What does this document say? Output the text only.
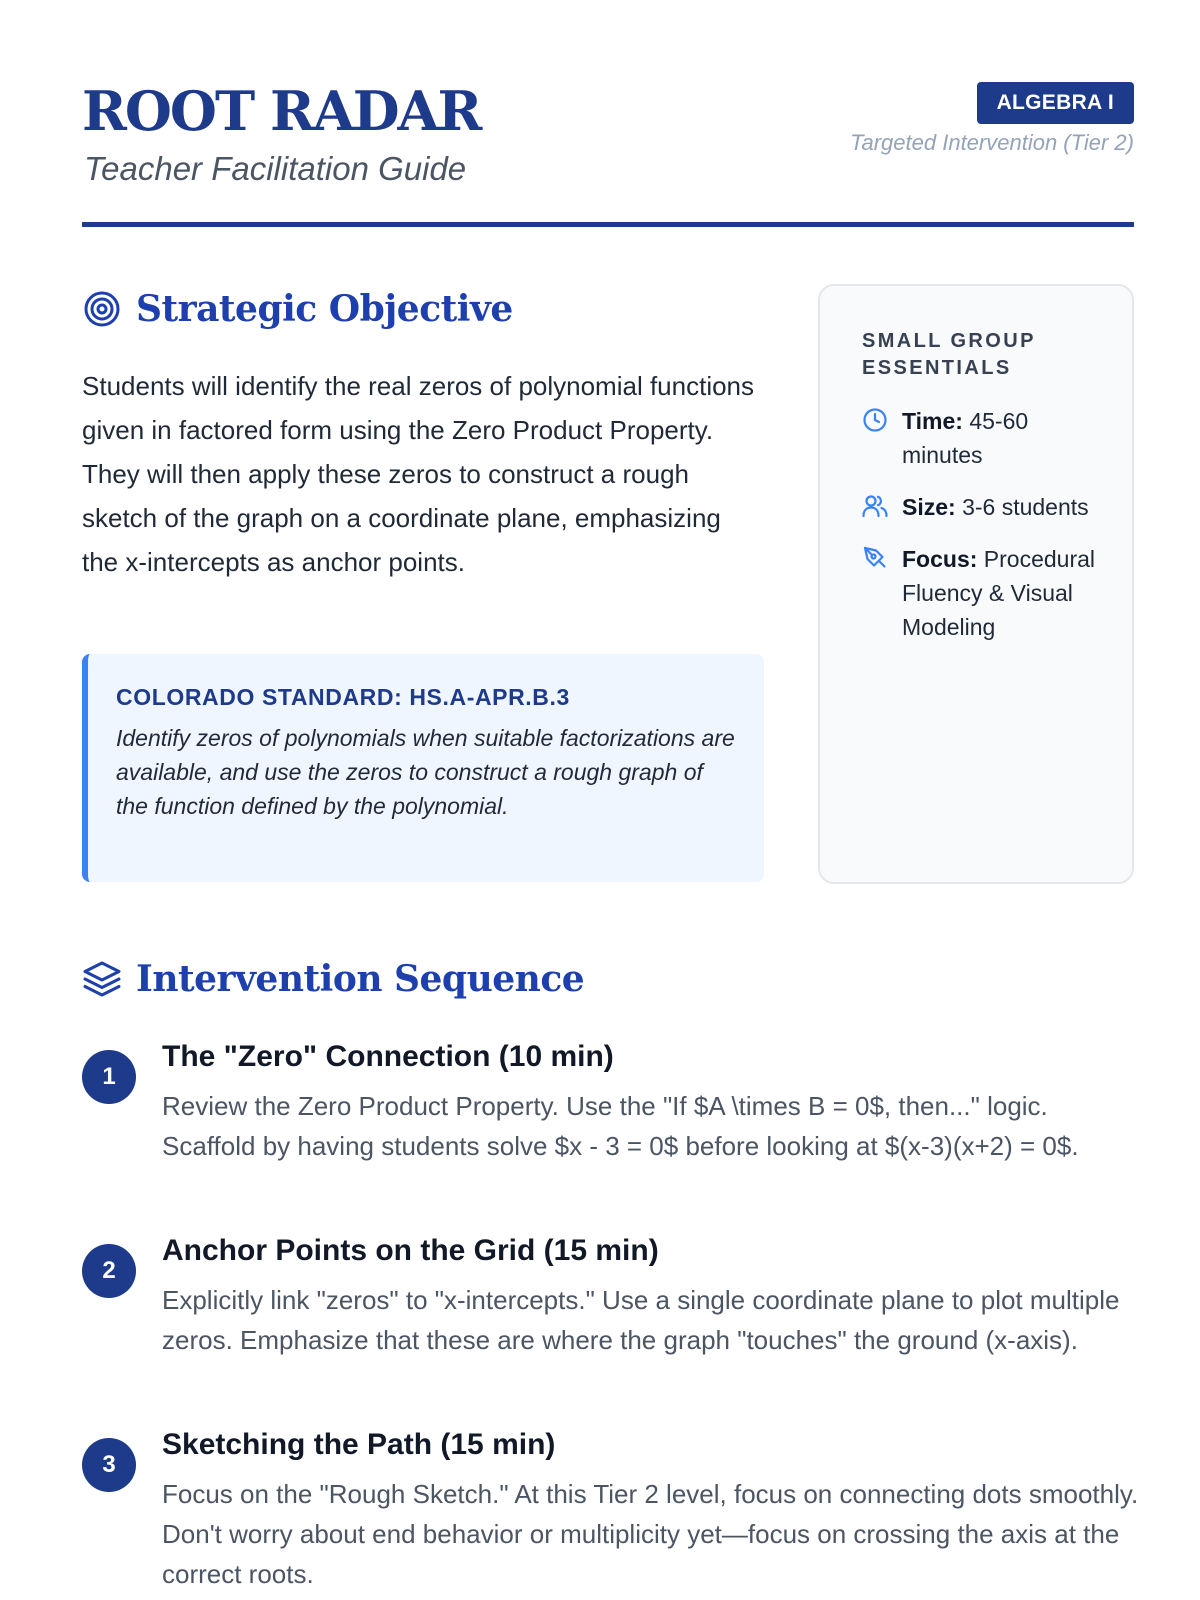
ROOT RADAR

Teacher Facilitation Guide

ALGEBRA I
Targeted Intervention (Tier 2)
Strategic Objective

Students will identify the real zeros of polynomial functions given in factored form using the Zero Product Property. They will then apply these zeros to construct a rough sketch of the graph on a coordinate plane, emphasizing the x-intercepts as anchor points.

COLORADO STANDARD: HS.A-APR.B.3

Identify zeros of polynomials when suitable factorizations are available, and use the zeros to construct a rough graph of the function defined by the polynomial.

SMALL GROUP ESSENTIALS

Time: 45-60 minutes
Size: 3-6 students
Focus: Procedural Fluency & Visual Modeling
Intervention Sequence
1

The "Zero" Connection (10 min)

Review the Zero Product Property. Use the "If $A \times B = 0$, then..." logic. Scaffold by having students solve $x - 3 = 0$ before looking at $(x-3)(x+2) = 0$.

2

Anchor Points on the Grid (15 min)

Explicitly link "zeros" to "x-intercepts." Use a single coordinate plane to plot multiple zeros. Emphasize that these are where the graph "touches" the ground (x-axis).

3

Sketching the Path (15 min)

Focus on the "Rough Sketch." At this Tier 2 level, focus on connecting dots smoothly. Don't worry about end behavior or multiplicity yet—focus on crossing the axis at the correct roots.
